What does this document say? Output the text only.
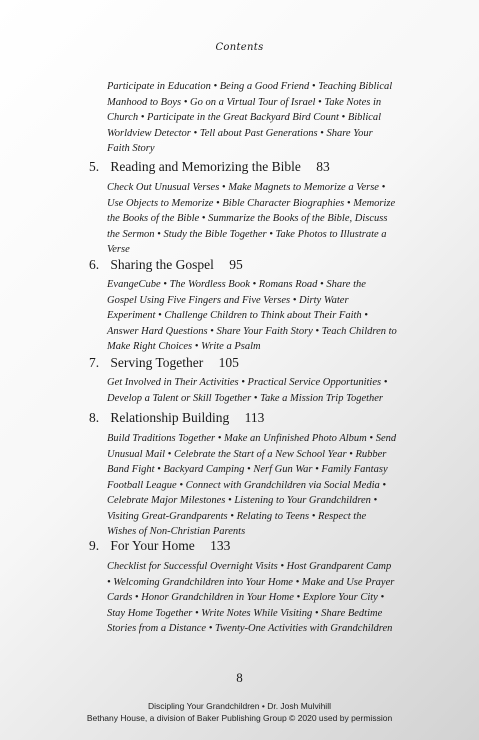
Contents
Participate in Education • Being a Good Friend • Teaching Biblical Manhood to Boys • Go on a Virtual Tour of Israel • Take Notes in Church • Participate in the Great Backyard Bird Count • Biblical Worldview Detector • Tell about Past Generations • Share Your Faith Story
5. Reading and Memorizing the Bible 83
Check Out Unusual Verses • Make Magnets to Memorize a Verse • Use Objects to Memorize • Bible Character Biographies • Memorize the Books of the Bible • Summarize the Books of the Bible, Discuss the Sermon • Study the Bible Together • Take Photos to Illustrate a Verse
6. Sharing the Gospel 95
EvangeCube • The Wordless Book • Romans Road • Share the Gospel Using Five Fingers and Five Verses • Dirty Water Experiment • Challenge Children to Think about Their Faith • Answer Hard Questions • Share Your Faith Story • Teach Children to Make Right Choices • Write a Psalm
7. Serving Together 105
Get Involved in Their Activities • Practical Service Opportunities • Develop a Talent or Skill Together • Take a Mission Trip Together
8. Relationship Building 113
Build Traditions Together • Make an Unfinished Photo Album • Send Unusual Mail • Celebrate the Start of a New School Year • Rubber Band Fight • Backyard Camping • Nerf Gun War • Family Fantasy Football League • Connect with Grandchildren via Social Media • Celebrate Major Milestones • Listening to Your Grandchildren • Visiting Great-Grandparents • Relating to Teens • Respect the Wishes of Non-Christian Parents
9. For Your Home 133
Checklist for Successful Overnight Visits • Host Grandparent Camp • Welcoming Grandchildren into Your Home • Make and Use Prayer Cards • Honor Grandchildren in Your Home • Explore Your City • Stay Home Together • Write Notes While Visiting • Share Bedtime Stories from a Distance • Twenty-One Activities with Grandchildren
8
Discipling Your Grandchildren • Dr. Josh Mulvihill
Bethany House, a division of Baker Publishing Group © 2020 used by permission
